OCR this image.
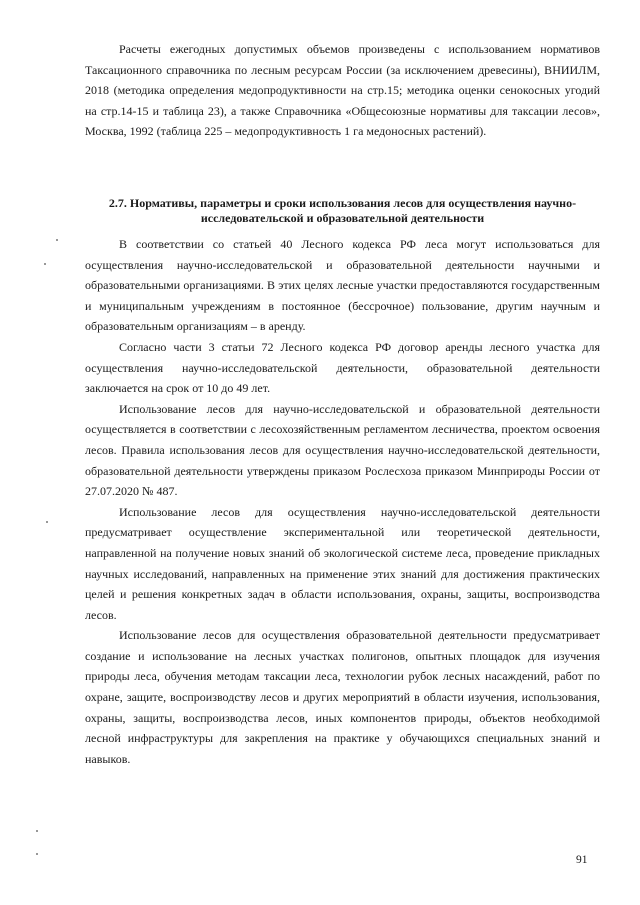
Расчеты ежегодных допустимых объемов произведены с использованием нормативов Таксационного справочника по лесным ресурсам России (за исключением древесины), ВНИИЛМ, 2018 (методика определения медопродуктивности на стр.15; методика оценки сенокосных угодий на стр.14-15 и таблица 23), а также Справочника «Общесоюзные нормативы для таксации лесов», Москва, 1992 (таблица 225 – медопродуктивность 1 га медоносных растений).

2.7. Нормативы, параметры и сроки использования лесов для осуществления научно-исследовательской и образовательной деятельности

В соответствии со статьей 40 Лесного кодекса РФ леса могут использоваться для осуществления научно-исследовательской и образовательной деятельности научными и образовательными организациями. В этих целях лесные участки предоставляются государственным и муниципальным учреждениям в постоянное (бессрочное) пользование, другим научным и образовательным организациям – в аренду.

Согласно части 3 статьи 72 Лесного кодекса РФ договор аренды лесного участка для осуществления научно-исследовательской деятельности, образовательной деятельности заключается на срок от 10 до 49 лет.

Использование лесов для научно-исследовательской и образовательной деятельности осуществляется в соответствии с лесохозяйственным регламентом лесничества, проектом освоения лесов. Правила использования лесов для осуществления научно-исследовательской деятельности, образовательной деятельности утверждены приказом Рослесхоза приказом Минприроды России от 27.07.2020 № 487.

Использование лесов для осуществления научно-исследовательской деятельности предусматривает осуществление экспериментальной или теоретической деятельности, направленной на получение новых знаний об экологической системе леса, проведение прикладных научных исследований, направленных на применение этих знаний для достижения практических целей и решения конкретных задач в области использования, охраны, защиты, воспроизводства лесов.

Использование лесов для осуществления образовательной деятельности предусматривает создание и использование на лесных участках полигонов, опытных площадок для изучения природы леса, обучения методам таксации леса, технологии рубок лесных насаждений, работ по охране, защите, воспроизводству лесов и других мероприятий в области изучения, использования, охраны, защиты, воспроизводства лесов, иных компонентов природы, объектов необходимой лесной инфраструктуры для закрепления на практике у обучающихся специальных знаний и навыков.

91
